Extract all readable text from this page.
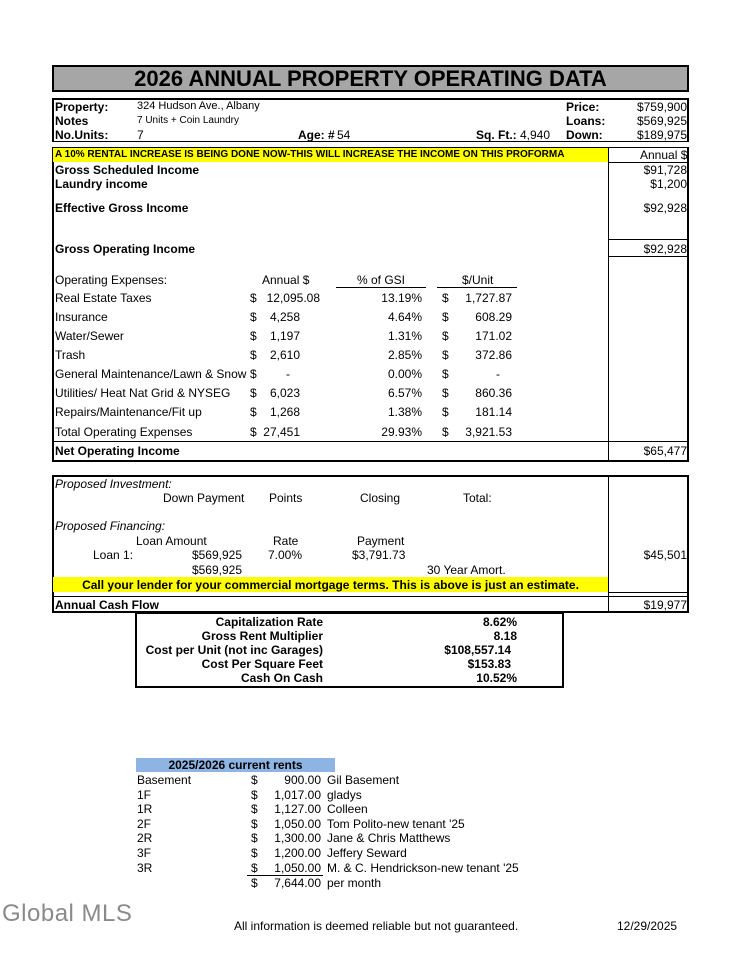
2026 ANNUAL PROPERTY OPERATING DATA
Property:	324 Hudson Ave., Albany
Notes	7 Units + Coin Laundry
No.Units: 7	Age: # 54	Sq. Ft.: 4,940
Price:	$759,900
Loans:	$569,925
Down:	$189,975
A 10% RENTAL INCREASE IS BEING DONE NOW-THIS WILL INCREASE THE INCOME ON THIS PROFORMA	Annual $
Gross Scheduled Income	$91,728
Laundry income	$1,200
Effective Gross Income	$92,928
Gross Operating Income	$92,928
Operating Expenses:	Annual $	% of GSI	$/Unit
Real Estate Taxes	$ 12,095.08	13.19% $	1,727.87
Insurance	$	4,258	4.64% $	608.29
Water/Sewer	$	1,197	1.31% $	171.02
Trash	$	2,610	2.85% $	372.86
General Maintenance/Lawn & Snow $	-	0.00% $	-
Utilities/ Heat Nat Grid & NYSEG $	6,023	6.57% $	860.36
Repairs/Maintenance/Fit up	$	1,268	1.38% $	181.14
Total Operating Expenses	$ 27,451	29.93% $	3,921.53
Net Operating Income	$65,477
Proposed Investment:
Down Payment Points	Closing	Total:
Proposed Financing:
Loan Amount	Rate	Payment
Loan 1:	$569,925 7.00%	$3,791.73	$45,501
$569,925	30 Year Amort.
Call your lender for your commercial mortgage terms. This is above is just an estimate.
Annual Cash Flow	$19,977
Capitalization Rate	8.62%
Gross Rent Multiplier	8.18
Cost per Unit (not inc Garages)	$108,557.14
Cost Per Square Feet	$153.83
Cash On Cash	10.52%
2025/2026 current rents
Basement	$	900.00 Gil Basement
1F	$	1,017.00 gladys
1R	$	1,127.00 Colleen
2F	$	1,050.00 Tom Polito-new tenant '25
2R	$	1,300.00 Jane & Chris Matthews
3F	$	1,200.00 Jeffery Seward
3R	$	1,050.00 M. & C. Hendrickson-new tenant '25
$	7,644.00 per month
Global MLS	All information is deemed reliable but not guaranteed.	12/29/2025
